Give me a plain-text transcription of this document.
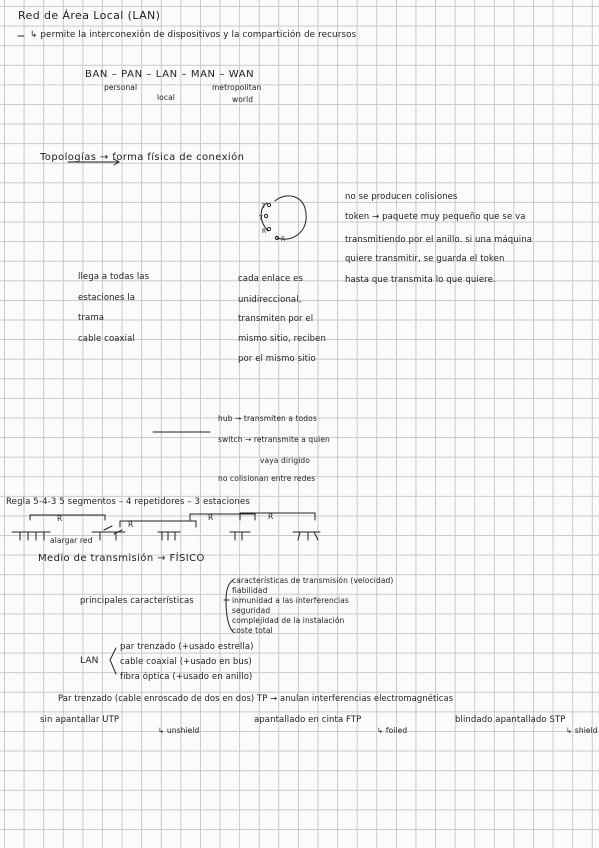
Red de Área Local (LAN)
↳ permite la interconexión de dispositivos y la compartición de recursos
BAN – PAN – LAN – MAN – WAN
personal
local
metropolitan
world
Topologías → forma física de conexión
no se producen colisiones
token → paquete muy pequeño que se va
transmitiendo por el anillo. si una máquina
quiere transmitir, se guarda el token
hasta que transmita lo que quiere.
llega a todas las
estaciones la
trama
cable coaxial
cada enlace es
unidireccional,
transmiten por el
mismo sitio, reciben
por el mismo sitio
hub → transmiten a todos
switch → retransmite a quien
vaya dirigido
no colisionan entre redes
Regla 5-4-3 5 segmentos – 4 repetidores – 3 estaciones
R
R
R	R
alargar red
Medio de transmisión → FÍSICO
principales características
características de transmisión (velocidad)
fiabilidad
inmunidad a las interferencias
seguridad
complejidad de la instalación
coste total
LAN
par trenzado (+usado estrella)
cable coaxial (+usado en bus)
fibra óptica (+usado en anillo)
Par trenzado (cable enroscado de dos en dos) TP → anulan interferencias electromagnéticas
sin apantallar UTP
↳ unshield
apantallado en cinta FTP
↳ foiled
blindado apantallado STP
↳ shield
T
T
R
R
